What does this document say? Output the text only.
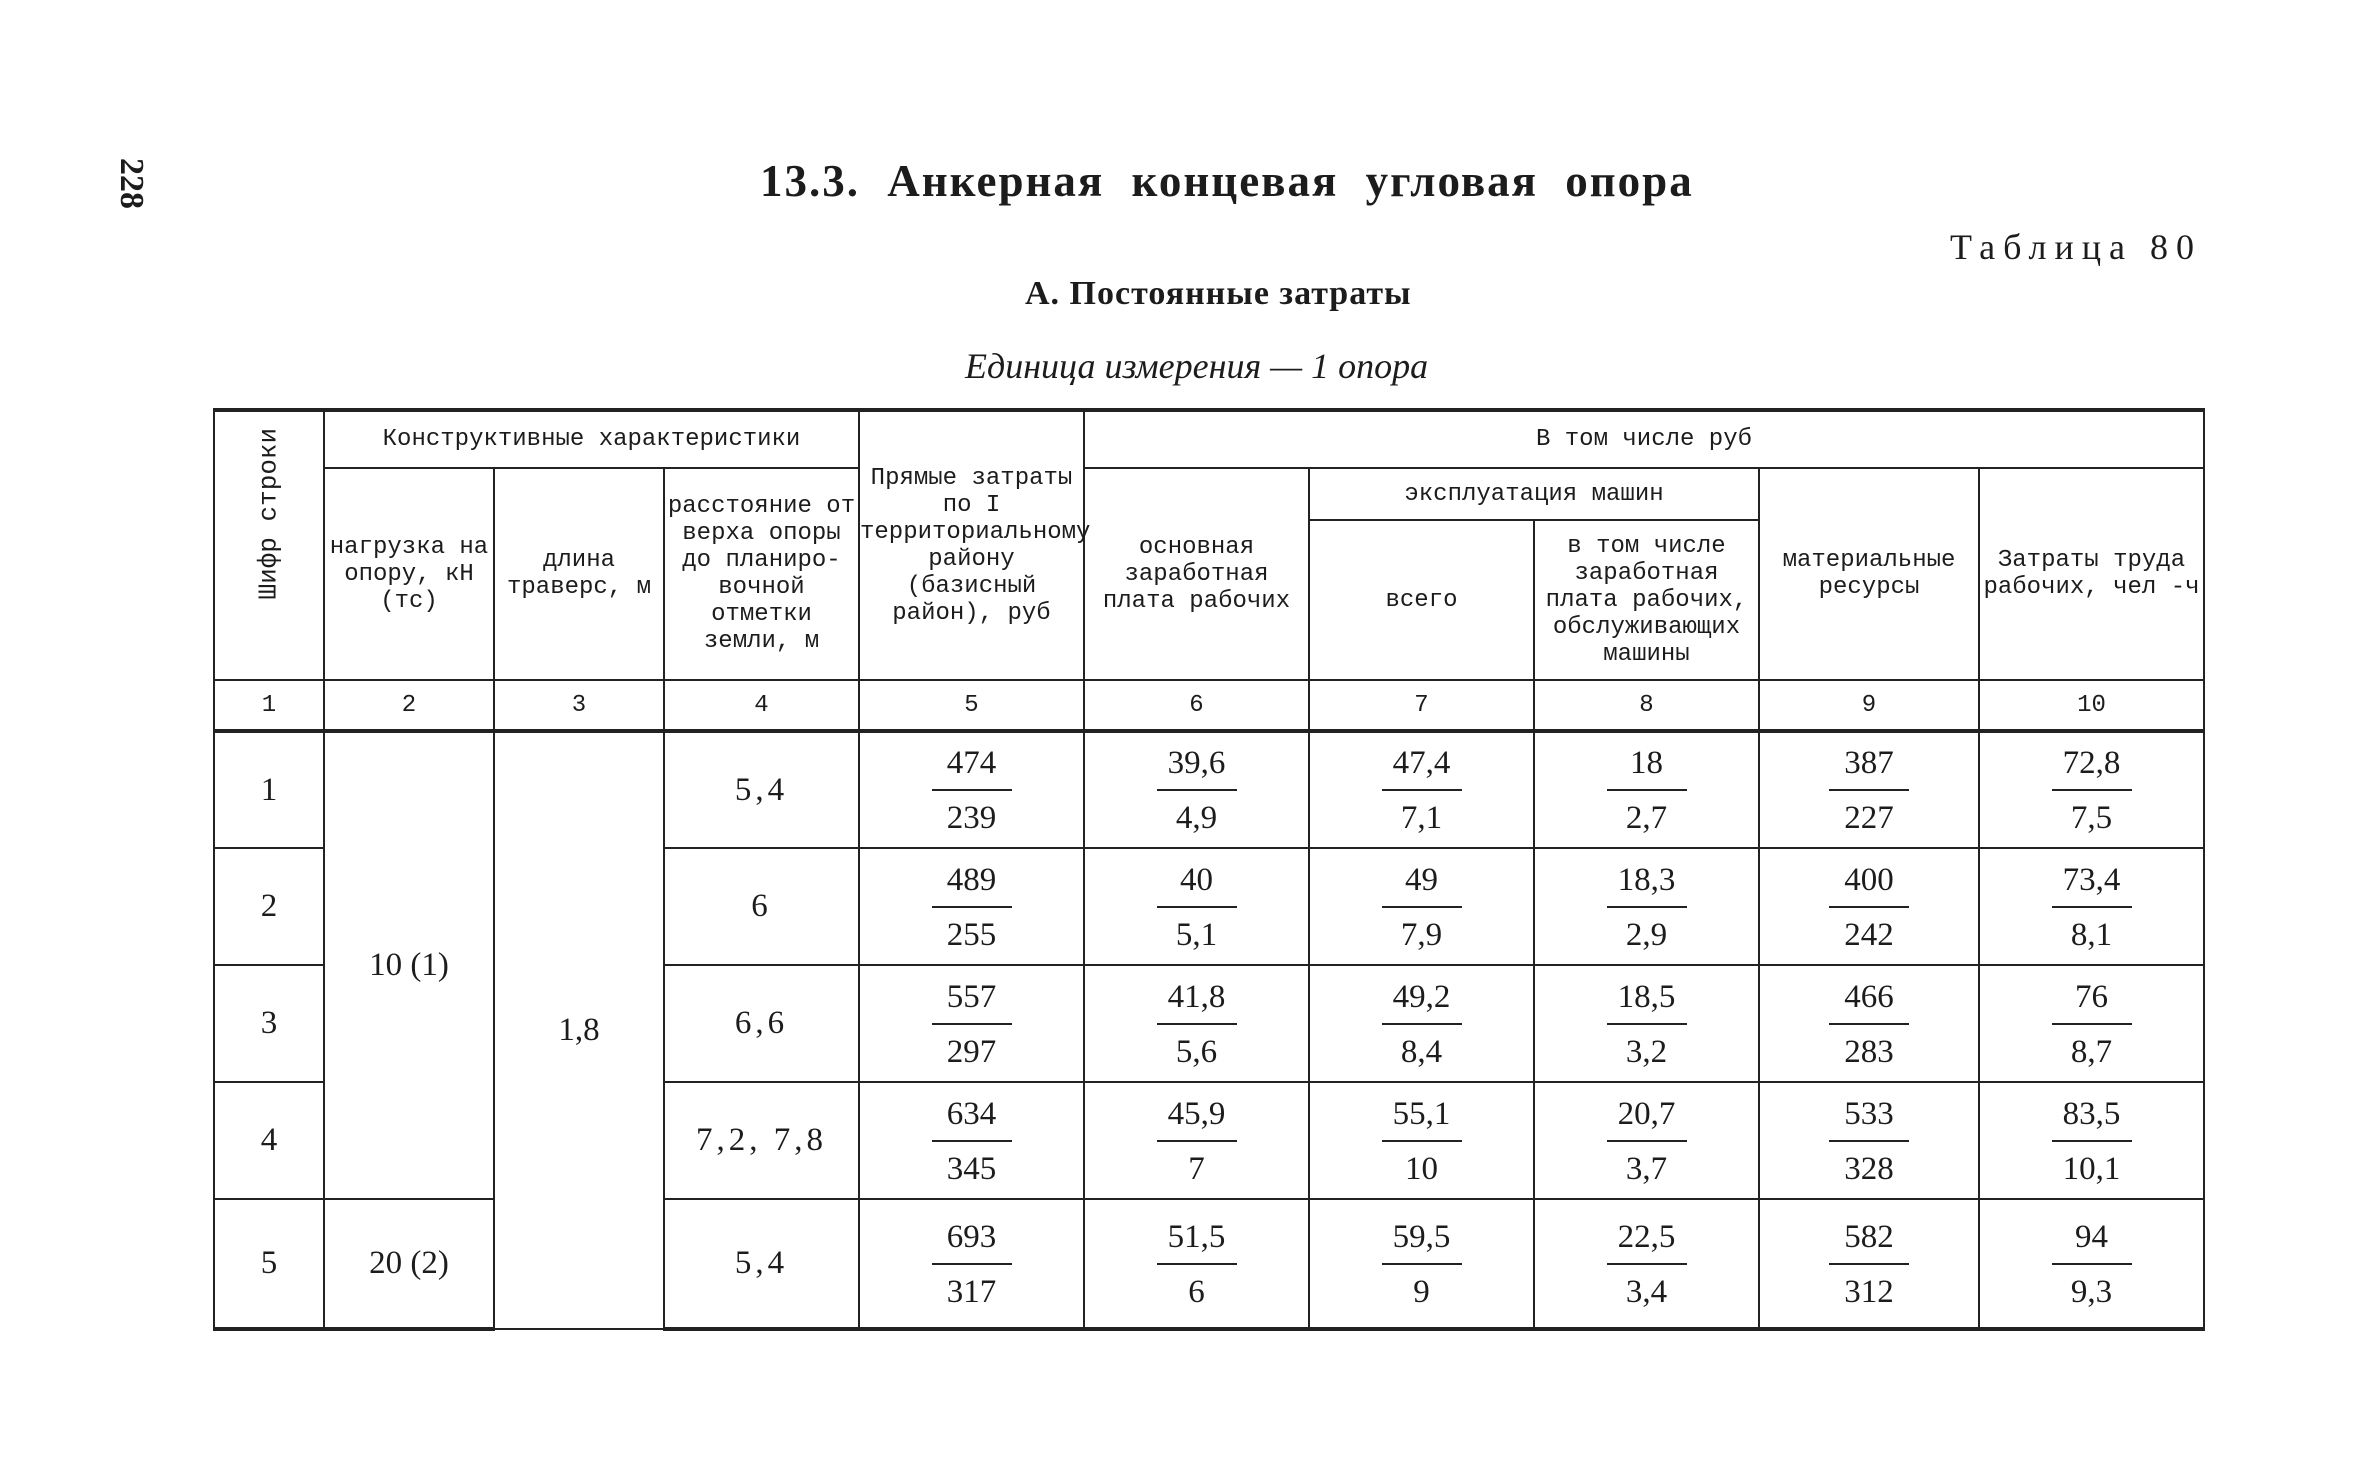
228	13.3. Анкерная концевая угловая опора
Таблица 80
А. Постоянные затраты
Единица измерения — 1 опора
Шифр строки	Конструктивные характеристики			Прямые затраты по I территориальному району (базисный район), руб	В том числе руб				
	нагрузка на опору, кН (тс)	длина траверс, м	расстояние от верха опоры до планиро-вочной отметки земли, м		основная заработная плата рабочих	эксплуатация машин		материальные ресурсы	Затраты труда рабочих, чел -ч
						всего	в том числе заработная плата рабочих, обслуживающих машины		

1	2	3	4	5	6	7	8	9	10
1	10 (1)	1,8	5,4	$\frac{474}{239}$	$\frac{39,6}{4,9}$	$\frac{47,4}{7,1}$	$\frac{18}{2,7}$	$\frac{387}{227}$	$\frac{72,8}{7,5}$

2			6	$\frac{489}{255}$	$\frac{40}{5,1}$	$\frac{49}{7,9}$	$\frac{18,3}{2,9}$	$\frac{400}{242}$	$\frac{73,4}{8,1}$

3			6,6	$\frac{557}{297}$	$\frac{41,8}{5,6}$	$\frac{49,2}{8,4}$	$\frac{18,5}{3,2}$	$\frac{466}{283}$	$\frac{76}{8,7}$

4			7,2, 7,8	$\frac{634}{345}$	$\frac{45,9}{7}$	$\frac{55,1}{10}$	$\frac{20,7}{3,7}$	$\frac{533}{328}$	$\frac{83,5}{10,1}$

5	20 (2)		5,4	$\frac{693}{317}$	$\frac{51,5}{6}$	$\frac{59,5}{9}$	$\frac{22,5}{3,4}$	$\frac{582}{312}$	$\frac{94}{9,3}$
